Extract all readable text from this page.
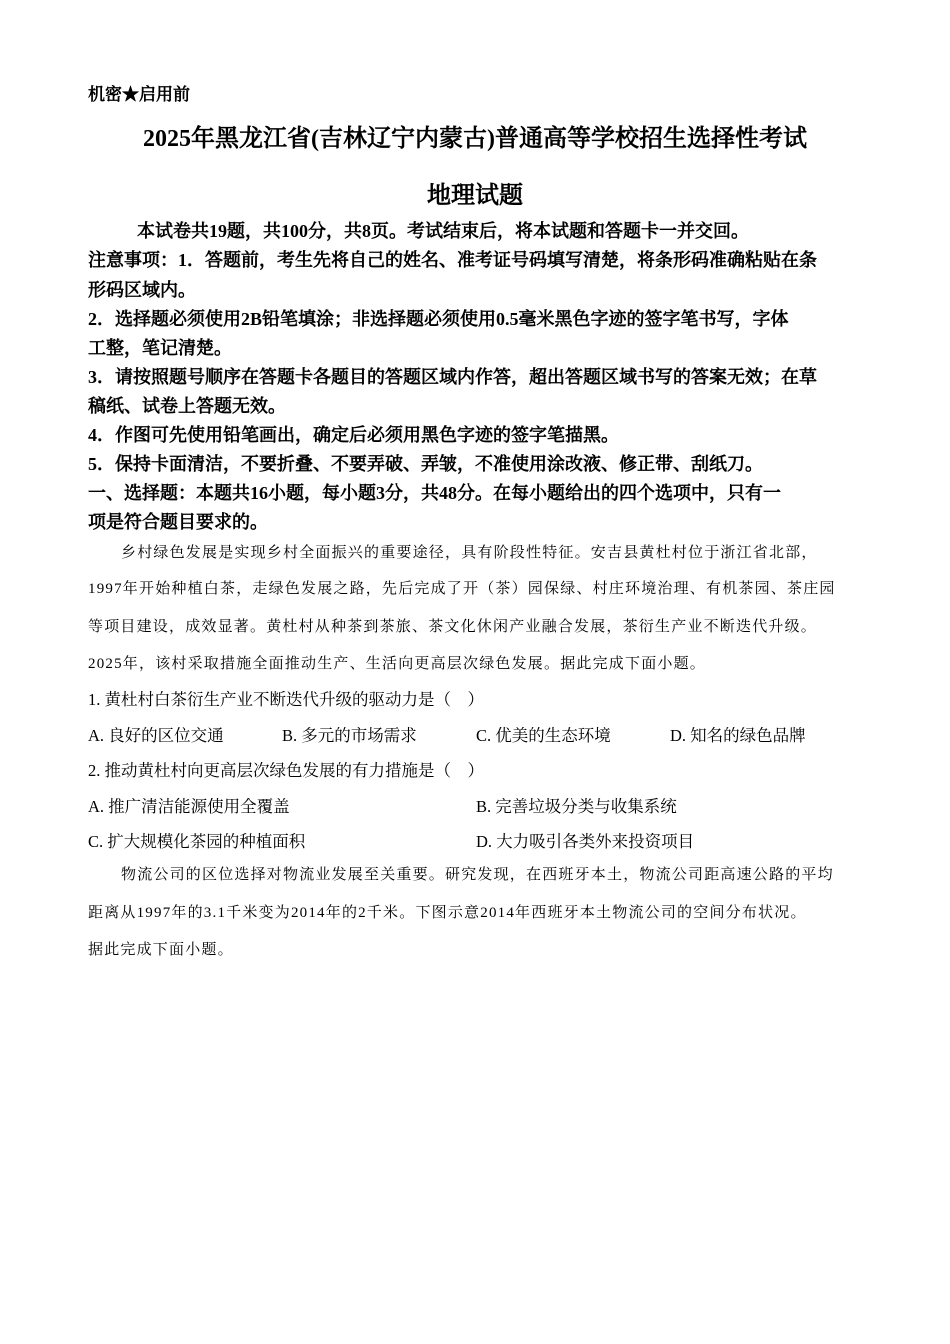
机密★启用前
2025年黑龙江省(吉林辽宁内蒙古)普通高等学校招生选择性考试
地理试题
本试卷共19题，共100分，共8页。考试结束后，将本试题和答题卡一并交回。
注意事项：1．答题前，考生先将自己的姓名、准考证号码填写清楚，将条形码准确粘贴在条
形码区域内。
2．选择题必须使用2B铅笔填涂；非选择题必须使用0.5毫米黑色字迹的签字笔书写，字体
工整，笔记清楚。
3．请按照题号顺序在答题卡各题目的答题区域内作答，超出答题区域书写的答案无效；在草
稿纸、试卷上答题无效。
4．作图可先使用铅笔画出，确定后必须用黑色字迹的签字笔描黑。
5．保持卡面清洁，不要折叠、不要弄破、弄皱，不准使用涂改液、修正带、刮纸刀。
一、选择题：本题共16小题，每小题3分，共48分。在每小题给出的四个选项中，只有一
项是符合题目要求的。
乡村绿色发展是实现乡村全面振兴的重要途径，具有阶段性特征。安吉县黄杜村位于浙江省北部，
1997年开始种植白茶，走绿色发展之路，先后完成了开（茶）园保绿、村庄环境治理、有机茶园、茶庄园
等项目建设，成效显著。黄杜村从种茶到茶旅、茶文化休闲产业融合发展，茶衍生产业不断迭代升级。
2025年，该村采取措施全面推动生产、生活向更高层次绿色发展。据此完成下面小题。
1. 黄杜村白茶衍生产业不断迭代升级的驱动力是（　）
A. 良好的区位交通	B. 多元的市场需求	C. 优美的生态环境	D. 知名的绿色品牌
2. 推动黄杜村向更高层次绿色发展的有力措施是（　）
A. 推广清洁能源使用全覆盖	B. 完善垃圾分类与收集系统
C. 扩大规模化茶园的种植面积	D. 大力吸引各类外来投资项目
物流公司的区位选择对物流业发展至关重要。研究发现，在西班牙本土，物流公司距高速公路的平均
距离从1997年的3.1千米变为2014年的2千米。下图示意2014年西班牙本土物流公司的空间分布状况。
据此完成下面小题。
